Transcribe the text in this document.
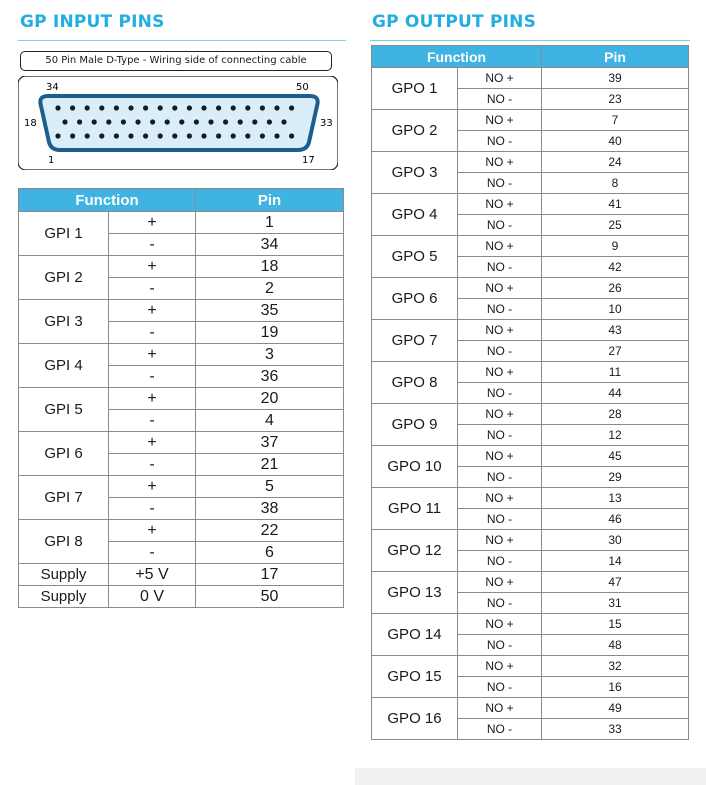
GP INPUT PINS
50 Pin Male D-Type - Wiring side of connecting cable
34	50
18	33
1	17
Function		Pin
GPI 1	+	1
	-	34
GPI 2	+	18
	-	2
GPI 3	+	35
	-	19
GPI 4	+	3
	-	36
GPI 5	+	20
	-	4
GPI 6	+	37
	-	21
GPI 7	+	5
	-	38
GPI 8	+	22
	-	6
Supply	+5 V	17
Supply	0 V	50
GP OUTPUT PINS
Function		Pin
GPO 1	NO +	39
	NO -	23
GPO 2	NO +	7
	NO -	40
GPO 3	NO +	24
	NO -	8
GPO 4	NO +	41
	NO -	25
GPO 5	NO +	9
	NO -	42
GPO 6	NO +	26
	NO -	10
GPO 7	NO +	43
	NO -	27
GPO 8	NO +	11
	NO -	44
GPO 9	NO +	28
	NO -	12
GPO 10	NO +	45
	NO -	29
GPO 11	NO +	13
	NO -	46
GPO 12	NO +	30
	NO -	14
GPO 13	NO +	47
	NO -	31
GPO 14	NO +	15
	NO -	48
GPO 15	NO +	32
	NO -	16
GPO 16	NO +	49
	NO -	33
